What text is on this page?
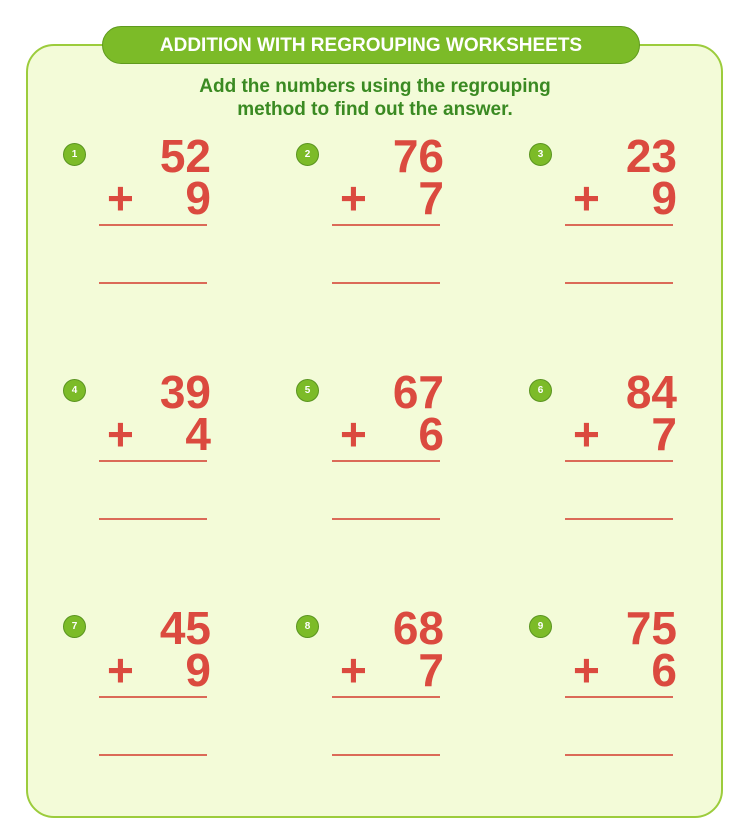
ADDITION WITH REGROUPING WORKSHEETS
Add the numbers using the regrouping
method to find out the answer.
1 52
+ 9
2 76
+ 7
3 23
+ 9
4 39
+ 4
5 67
+ 6
6 84
+ 7
7 45
+ 9
8 68
+ 7
9 75
+ 6
